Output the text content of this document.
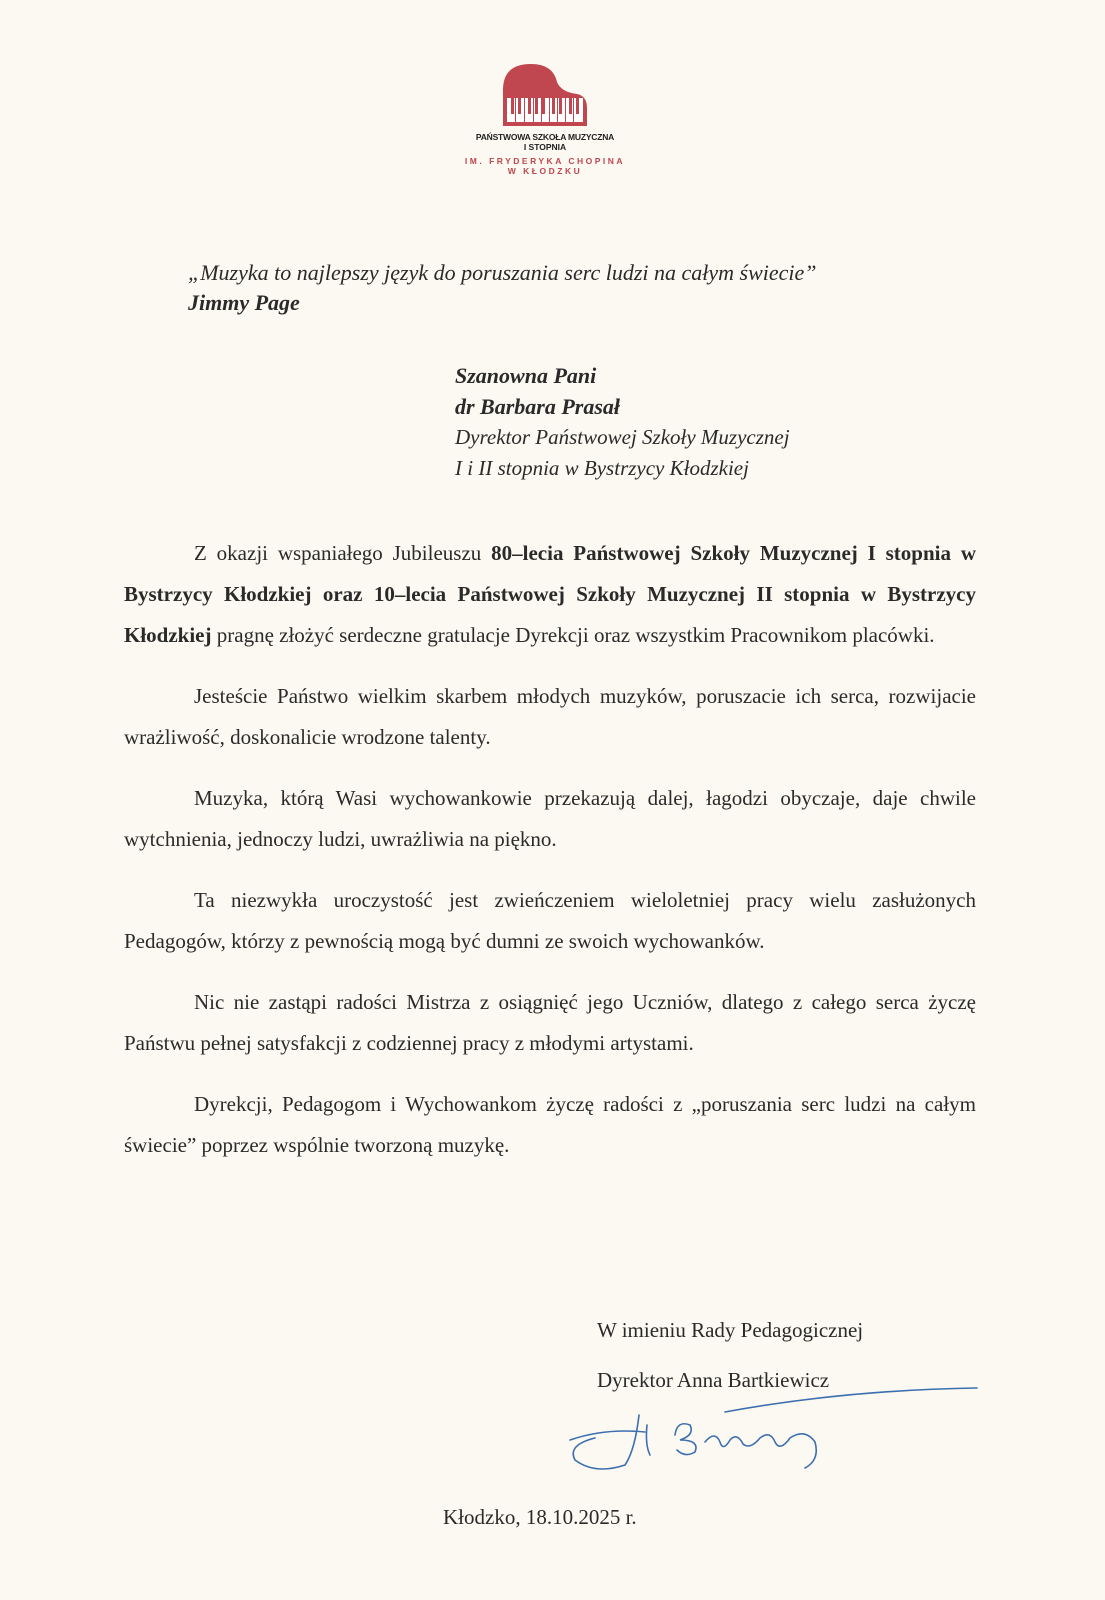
PAŃSTWOWA SZKOŁA MUZYCZNA
I STOPNIA
IM. FRYDERYKA CHOPINA
W KŁODZKU
„Muzyka to najlepszy język do poruszania serc ludzi na całym świecie”
Jimmy Page
Szanowna Pani
dr Barbara Prasał
Dyrektor Państwowej Szkoły Muzycznej
I i II stopnia w Bystrzycy Kłodzkiej

Z okazji wspaniałego Jubileuszu 80–lecia Państwowej Szkoły Muzycznej I stopnia w Bystrzycy Kłodzkiej oraz 10–lecia Państwowej Szkoły Muzycznej II stopnia w Bystrzycy Kłodzkiej pragnę złożyć serdeczne gratulacje Dyrekcji oraz wszystkim Pracownikom placówki.

Jesteście Państwo wielkim skarbem młodych muzyków, poruszacie ich serca, rozwijacie wrażliwość, doskonalicie wrodzone talenty.

Muzyka, którą Wasi wychowankowie przekazują dalej, łagodzi obyczaje, daje chwile wytchnienia, jednoczy ludzi, uwrażliwia na piękno.

Ta niezwykła uroczystość jest zwieńczeniem wieloletniej pracy wielu zasłużonych Pedagogów, którzy z pewnością mogą być dumni ze swoich wychowanków.

Nic nie zastąpi radości Mistrza z osiągnięć jego Uczniów, dlatego z całego serca życzę Państwu pełnej satysfakcji z codziennej pracy z młodymi artystami.

Dyrekcji, Pedagogom i Wychowankom życzę radości z „poruszania serc ludzi na całym świecie” poprzez wspólnie tworzoną muzykę.

W imieniu Rady Pedagogicznej
Dyrektor Anna Bartkiewicz
Kłodzko, 18.10.2025 r.
